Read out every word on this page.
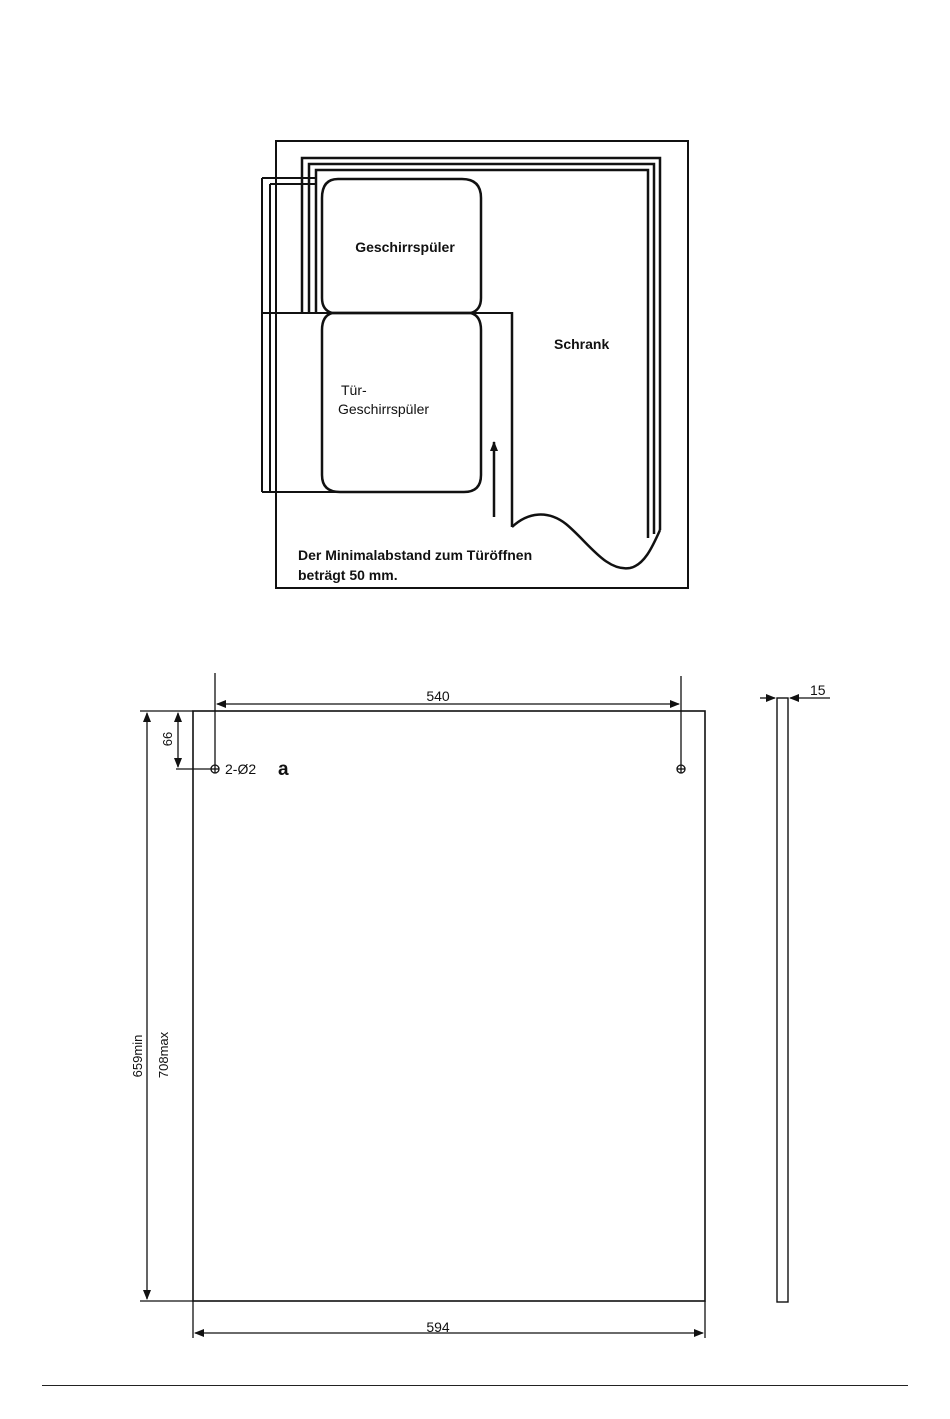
Geschirrspüler
Tür-
Geschirrspüler
Schrank
Der Minimalabstand zum Türöffnen
beträgt 50 mm.
540
594
66
2-Ø2 a
659min 708max
15
